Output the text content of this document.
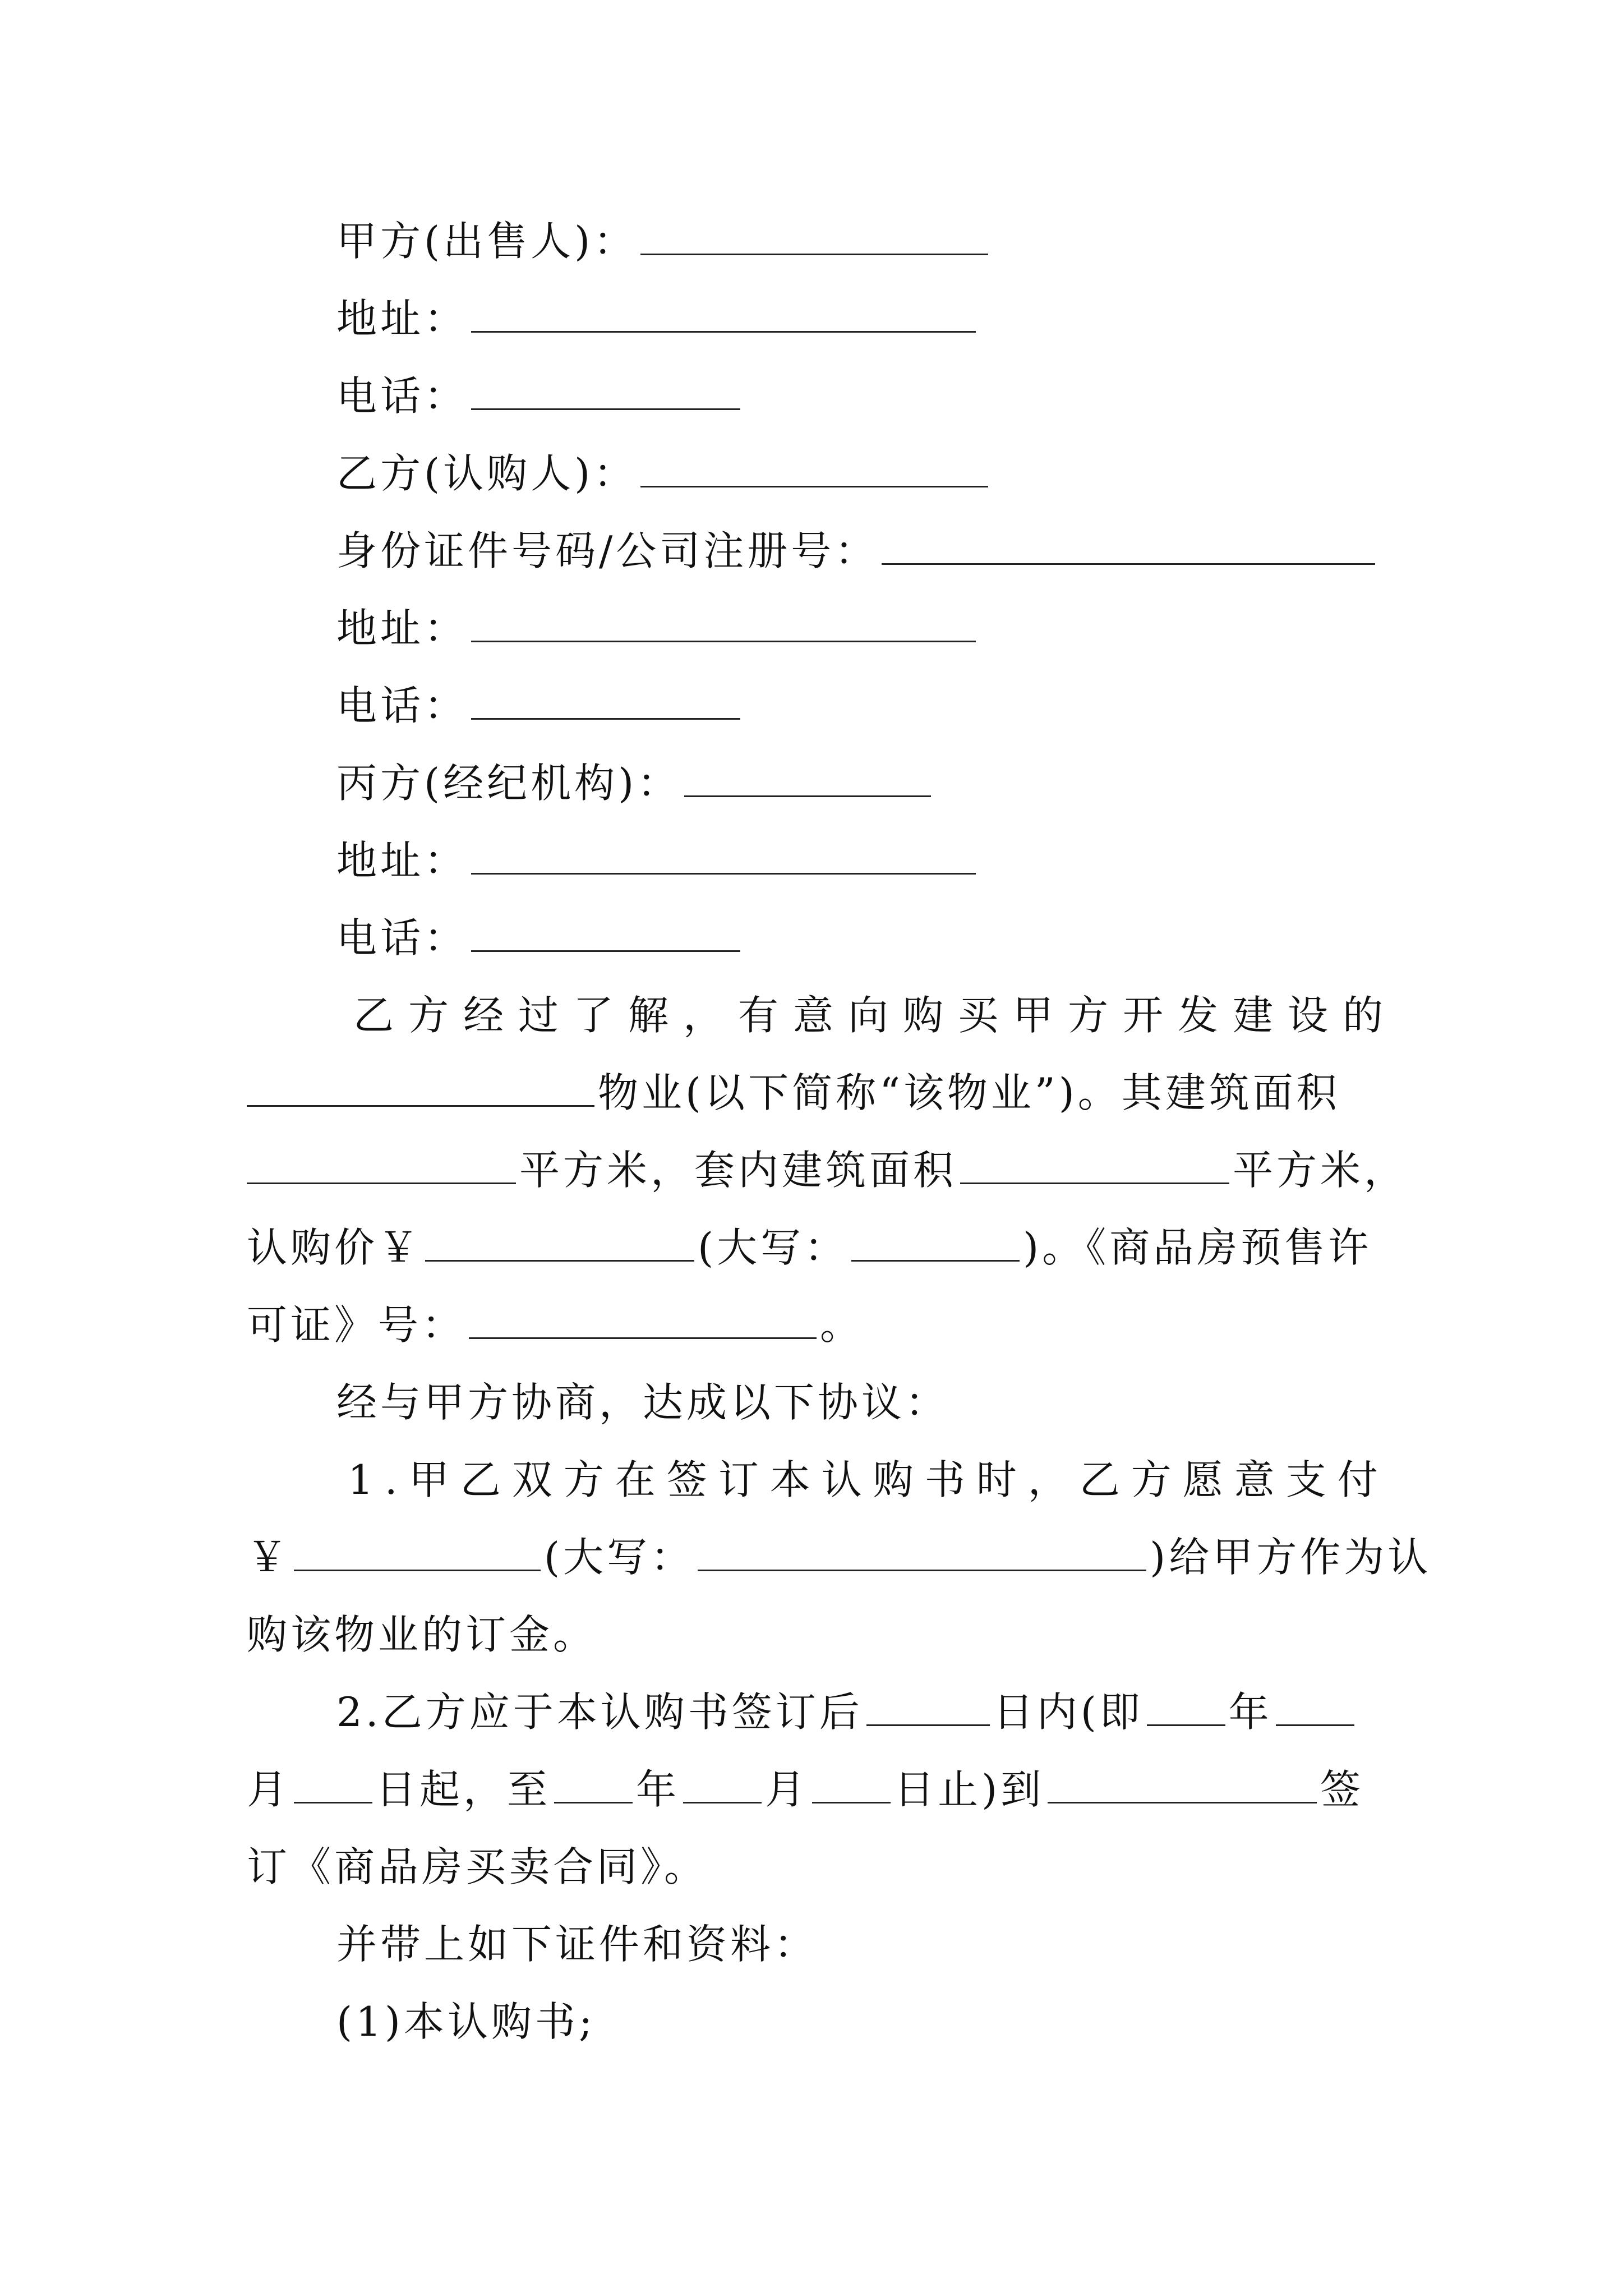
甲方(出售人)：
地址：
电话：
乙方(认购人)：
身份证件号码/公司注册号：
地址：
电话：
丙方(经纪机构)：
地址：
电话：
乙方经过了解，有意向购买甲方开发建设的
物业(以下简称“该物业”)。其建筑面积
平方米，套内建筑面积	平方米，
认购价￥	(大写：	)。《商品房预售许
可证》号：	。
经与甲方协商，达成以下协议：
1.甲乙双方在签订本认购书时，乙方愿意支付
￥	(大写：	)给甲方作为认
购该物业的订金。
2.乙方应于本认购书签订后	日内(即 年
月 日起，至 年 月 日止)到	签
订《商品房买卖合同》。
并带上如下证件和资料：
(1)本认购书;
